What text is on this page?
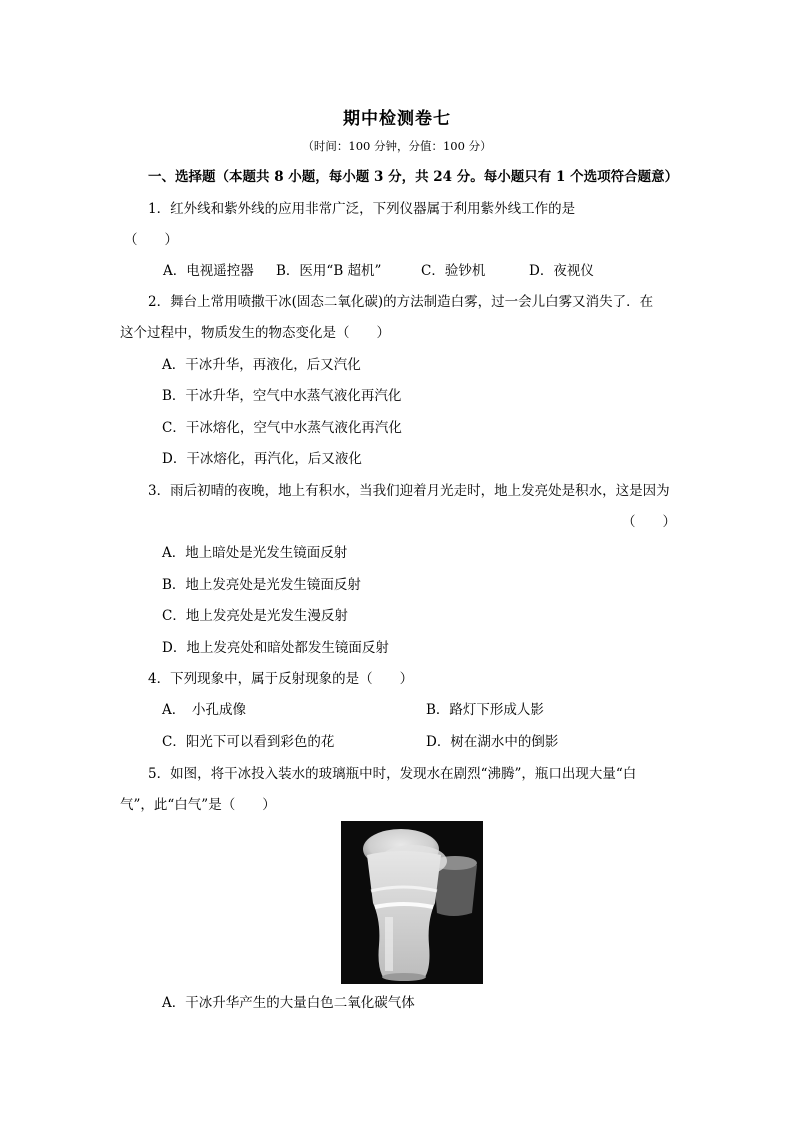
期中检测卷七
（时间：100 分钟，分值：100 分）
一、选择题（本题共 8 小题，每小题 3 分，共 24 分。每小题只有 1 个选项符合题意）
1．红外线和紫外线的应用非常广泛，下列仪器属于利用紫外线工作的是
（　　）
A．电视遥控器 B．医用“B 超机”	C．验钞机	D．夜视仪
2．舞台上常用喷撒干冰(固态二氧化碳)的方法制造白雾，过一会儿白雾又消失了．在
这个过程中，物质发生的物态变化是（　　）
A．干冰升华，再液化，后又汽化
B．干冰升华，空气中水蒸气液化再汽化
C．干冰熔化，空气中水蒸气液化再汽化
D．干冰熔化，再汽化，后又液化
3．雨后初晴的夜晚，地上有积水，当我们迎着月光走时，地上发亮处是积水，这是因为
（　　）
A．地上暗处是光发生镜面反射
B．地上发亮处是光发生镜面反射
C．地上发亮处是光发生漫反射
D．地上发亮处和暗处都发生镜面反射
4．下列现象中，属于反射现象的是（　　）
A．　小孔成像	B．路灯下形成人影
C．阳光下可以看到彩色的花	D．树在湖水中的倒影
5．如图，将干冰投入装水的玻璃瓶中时，发现水在剧烈“沸腾”，瓶口出现大量“白
气”，此“白气”是（　　）
A．干冰升华产生的大量白色二氧化碳气体
